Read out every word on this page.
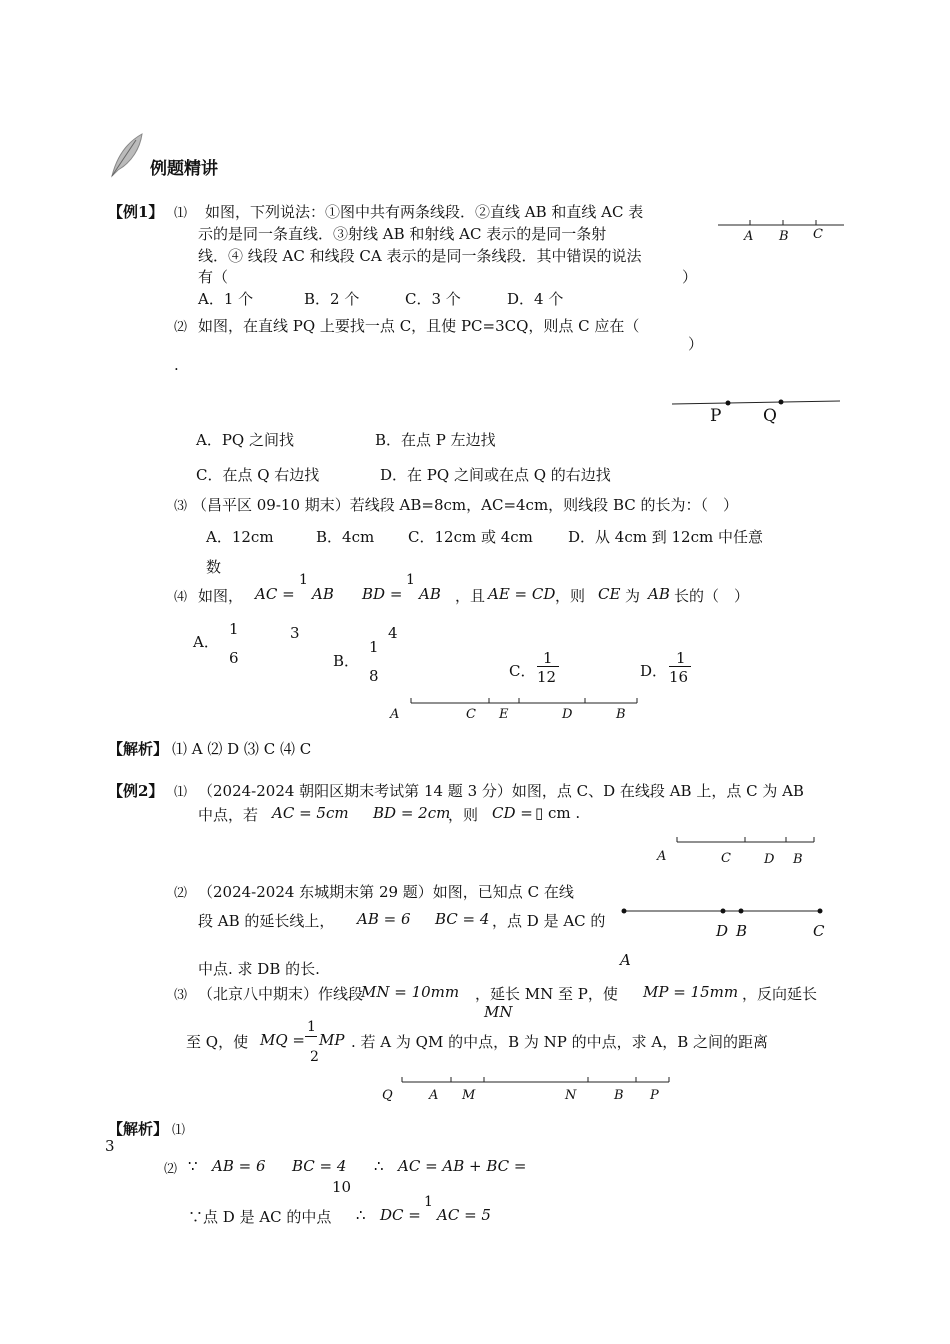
例题精讲
【例1】 ⑴ 如图，下列说法：①图中共有两条线段．②直线 AB 和直线 AC 表
示的是同一条直线．③射线 AB 和射线 AC 表示的是同一条射
线．④ 线段 AC 和线段 CA 表示的是同一条线段．其中错误的说法
有（	）
A．1 个	B．2 个	C．3 个	D．4 个
A B C
⑵ 如图，在直线 PQ 上要找一点 C，且使 PC=3CQ，则点 C 应在（
）
.
P Q
A．PQ 之间找	B．在点 P 左边找
C．在点 Q 右边找	D．在 PQ 之间或在点 Q 的右边找
⑶ （昌平区 09-10 期末）若线段 AB=8cm，AC=4cm，则线段 BC 的长为：（　）
A．12cm	B．4cm C．12cm 或 4cm D．从 4cm 到 12cm 中任意
数
⑷ 如图， AC =
1
AB BD =
1
AB ，且 AE = CD ，则 CE 为 AB 长的（　）
A．
1
6
3	4
B．
1
8	C．
1
12	D．
1
16
A	C E	D	B
【解析】 ⑴ A ⑵ D ⑶ C ⑷ C
【例2】 ⑴ （2024-2024 朝阳区期末考试第 14 题 3 分）如图，点 C、D 在线段 AB 上，点 C 为 AB
中点，若 AC = 5cm BD = 2cm
，则 CD = ▯ cm .
A	C	D B
⑵ （2024-2024 东城期末第 29 题）如图，已知点 C 在线
段 AB 的延长线上， AB = 6 BC = 4 ，点 D 是 AC 的
中点. 求 DB 的长.
D B	C
A
⑶ （北京八中期末）作线段
MN = 10mm ，延长 MN 至 P，使 MP = 15mm ，反向延长
MN
至 Q，使 MQ =
1
2
MP . 若 A 为 QM 的中点，B 为 NP 的中点，求 A，B 之间的距离
Q	A M	N	B P
【解析】 ⑴
3
⑵ ∵ AB = 6 BC = 4 ∴ AC = AB + BC =
10
∵点 D 是 AC 的中点 ∴ DC =
1
AC = 5
